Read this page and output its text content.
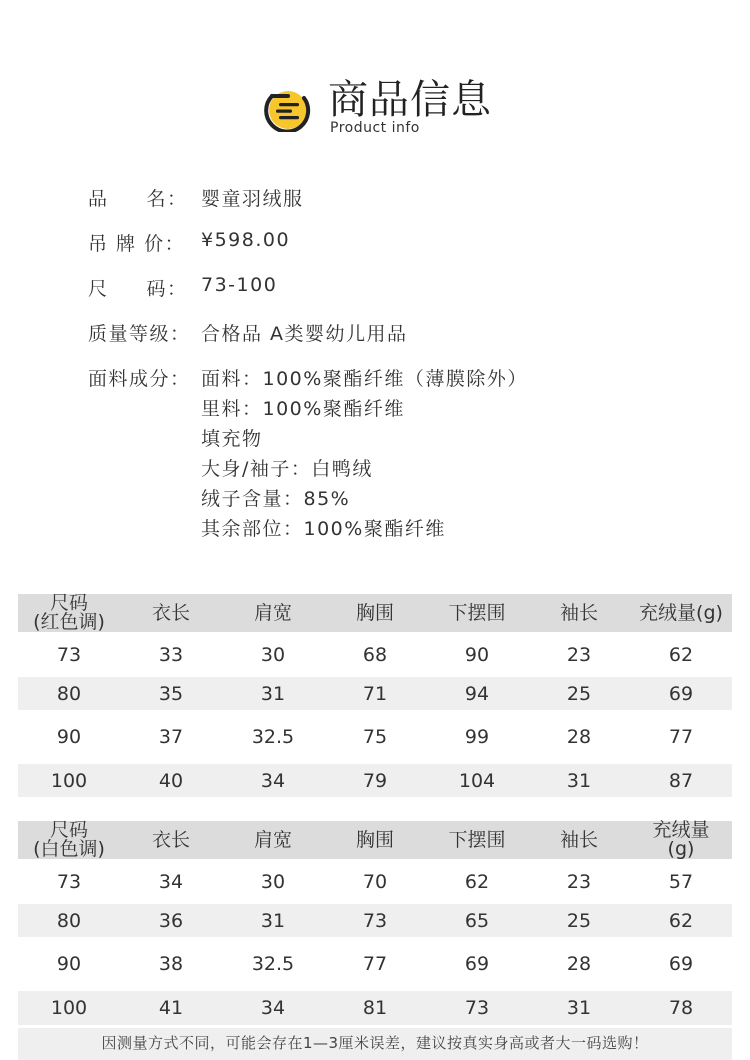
商品信息
Product info
品 名： 婴童羽绒服
吊 牌 价： ¥598.00
尺 码： 73-100
质量等级： 合格品 A类婴幼儿用品
面料成分： 面料：100%聚酯纤维（薄膜除外）
里料：100%聚酯纤维
填充物
大身/袖子：白鸭绒
绒子含量：85%
其余部位：100%聚酯纤维
尺码
(红色调)	衣长	肩宽	胸围	下摆围	袖长	充绒量(g)
73	33	30	68	90	23	62
80	35	31	71	94	25	69
90	37	32.5	75	99	28	77
100	40	34	79	104	31	87
尺码
(白色调)	衣长	肩宽	胸围	下摆围	袖长	充绒量
(g)
73	34	30	70	62	23	57
80	36	31	73	65	25	62
90	38	32.5	77	69	28	69
100	41	34	81	73	31	78
因测量方式不同，可能会存在1—3厘米误差，建议按真实身高或者大一码选购！
